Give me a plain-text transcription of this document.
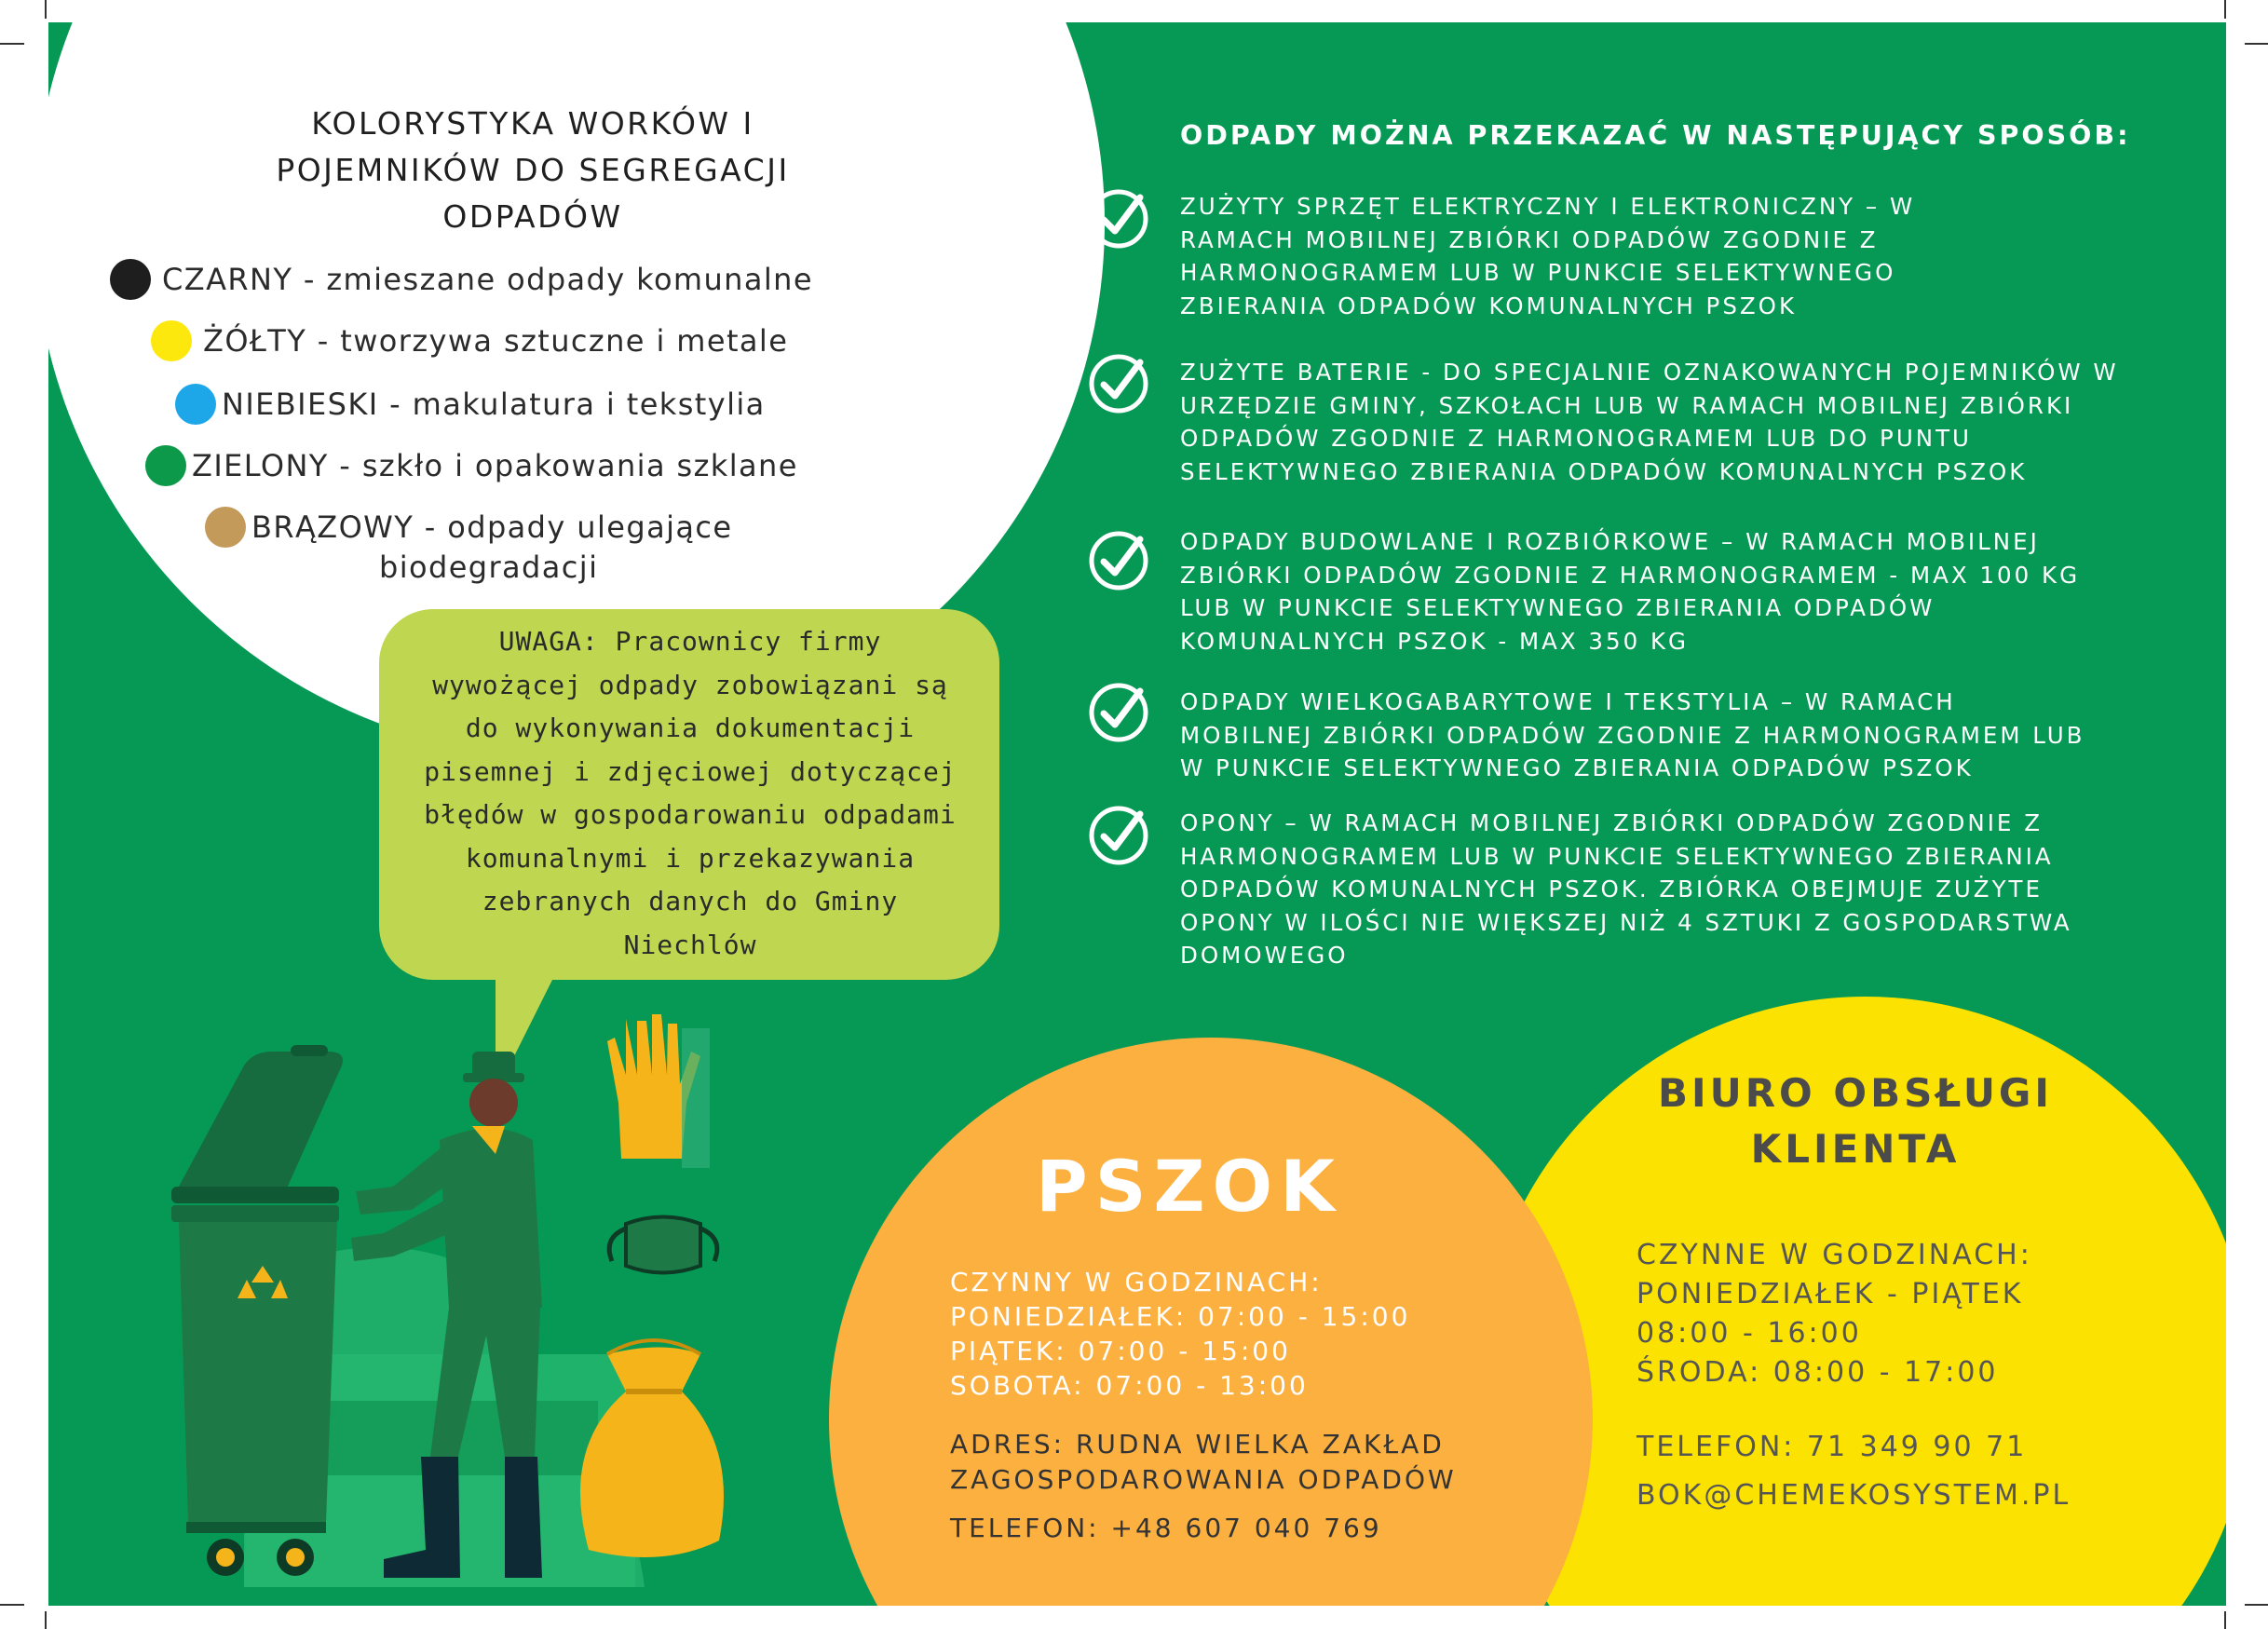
KOLORYSTYKA WORKÓW I
POJEMNIKÓW DO SEGREGACJI
ODPADÓW
CZARNY - zmieszane odpady komunalne
ŻÓŁTY - tworzywa sztuczne i metale
NIEBIESKI - makulatura i tekstylia
ZIELONY - szkło i opakowania szklane
BRĄZOWY - odpady ulegające
biodegradacji
UWAGA: Pracownicy firmy
wywożącej odpady zobowiązani są
do wykonywania dokumentacji
pisemnej i zdjęciowej dotyczącej
błędów w gospodarowaniu odpadami
komunalnymi i przekazywania
zebranych danych do Gminy
Niechlów
ODPADY MOŻNA PRZEKAZAĆ W NASTĘPUJĄCY SPOSÓB:
ZUŻYTY SPRZĘT ELEKTRYCZNY I ELEKTRONICZNY – W
RAMACH MOBILNEJ ZBIÓRKI ODPADÓW ZGODNIE Z
HARMONOGRAMEM LUB W PUNKCIE SELEKTYWNEGO
ZBIERANIA ODPADÓW KOMUNALNYCH PSZOK
ZUŻYTE BATERIE - DO SPECJALNIE OZNAKOWANYCH POJEMNIKÓW W
URZĘDZIE GMINY, SZKOŁACH LUB W RAMACH MOBILNEJ ZBIÓRKI
ODPADÓW ZGODNIE Z HARMONOGRAMEM LUB DO PUNTU
SELEKTYWNEGO ZBIERANIA ODPADÓW KOMUNALNYCH PSZOK
ODPADY BUDOWLANE I ROZBIÓRKOWE – W RAMACH MOBILNEJ
ZBIÓRKI ODPADÓW ZGODNIE Z HARMONOGRAMEM - MAX 100 KG
LUB W PUNKCIE SELEKTYWNEGO ZBIERANIA ODPADÓW
KOMUNALNYCH PSZOK - MAX 350 KG
ODPADY WIELKOGABARYTOWE I TEKSTYLIA – W RAMACH
MOBILNEJ ZBIÓRKI ODPADÓW ZGODNIE Z HARMONOGRAMEM LUB
W PUNKCIE SELEKTYWNEGO ZBIERANIA ODPADÓW PSZOK
OPONY – W RAMACH MOBILNEJ ZBIÓRKI ODPADÓW ZGODNIE Z
HARMONOGRAMEM LUB W PUNKCIE SELEKTYWNEGO ZBIERANIA
ODPADÓW KOMUNALNYCH PSZOK. ZBIÓRKA OBEJMUJE ZUŻYTE
OPONY W ILOŚCI NIE WIĘKSZEJ NIŻ 4 SZTUKI Z GOSPODARSTWA
DOMOWEGO
PSZOK
CZYNNY W GODZINACH:
PONIEDZIAŁEK: 07:00 - 15:00
PIĄTEK: 07:00 - 15:00
SOBOTA: 07:00 - 13:00
ADRES: RUDNA WIELKA ZAKŁAD
ZAGOSPODAROWANIA ODPADÓW
TELEFON: +48 607 040 769
BIURO OBSŁUGI
KLIENTA
CZYNNE W GODZINACH:
PONIEDZIAŁEK - PIĄTEK
08:00 - 16:00
ŚRODA: 08:00 - 17:00
TELEFON: 71 349 90 71
BOK@CHEMEKOSYSTEM.PL
